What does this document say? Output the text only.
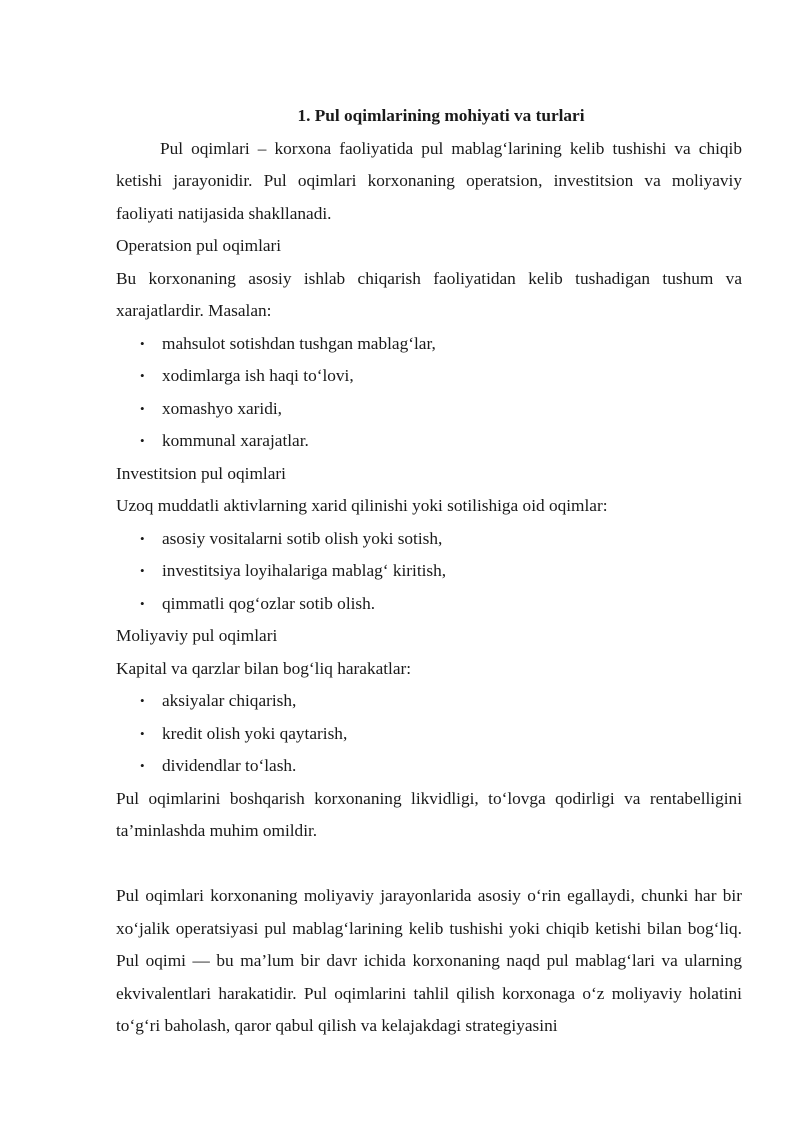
1. Pul oqimlarining mohiyati va turlari

Pul oqimlari – korxona faoliyatida pul mablag‘larining kelib tushishi va chiqib ketishi jarayonidir. Pul oqimlari korxonaning operatsion, investitsion va moliyaviy faoliyati natijasida shakllanadi.

Operatsion pul oqimlari

Bu korxonaning asosiy ishlab chiqarish faoliyatidan kelib tushadigan tushum va xarajatlardir. Masalan:

• mahsulot sotishdan tushgan mablag‘lar,
• xodimlarga ish haqi to‘lovi,
• xomashyo xaridi,
• kommunal xarajatlar.

Investitsion pul oqimlari

Uzoq muddatli aktivlarning xarid qilinishi yoki sotilishiga oid oqimlar:

• asosiy vositalarni sotib olish yoki sotish,
• investitsiya loyihalariga mablag‘ kiritish,
• qimmatli qog‘ozlar sotib olish.

Moliyaviy pul oqimlari

Kapital va qarzlar bilan bog‘liq harakatlar:

• aksiyalar chiqarish,
• kredit olish yoki qaytarish,
• dividendlar to‘lash.

Pul oqimlarini boshqarish korxonaning likvidligi, to‘lovga qodirligi va rentabelligini ta’minlashda muhim omildir.

Pul oqimlari korxonaning moliyaviy jarayonlarida asosiy o‘rin egallaydi, chunki har bir xo‘jalik operatsiyasi pul mablag‘larining kelib tushishi yoki chiqib ketishi bilan bog‘liq. Pul oqimi — bu ma’lum bir davr ichida korxonaning naqd pul mablag‘lari va ularning ekvivalentlari harakatidir. Pul oqimlarini tahlil qilish korxonaga o‘z moliyaviy holatini to‘g‘ri baholash, qaror qabul qilish va kelajakdagi strategiyasini
